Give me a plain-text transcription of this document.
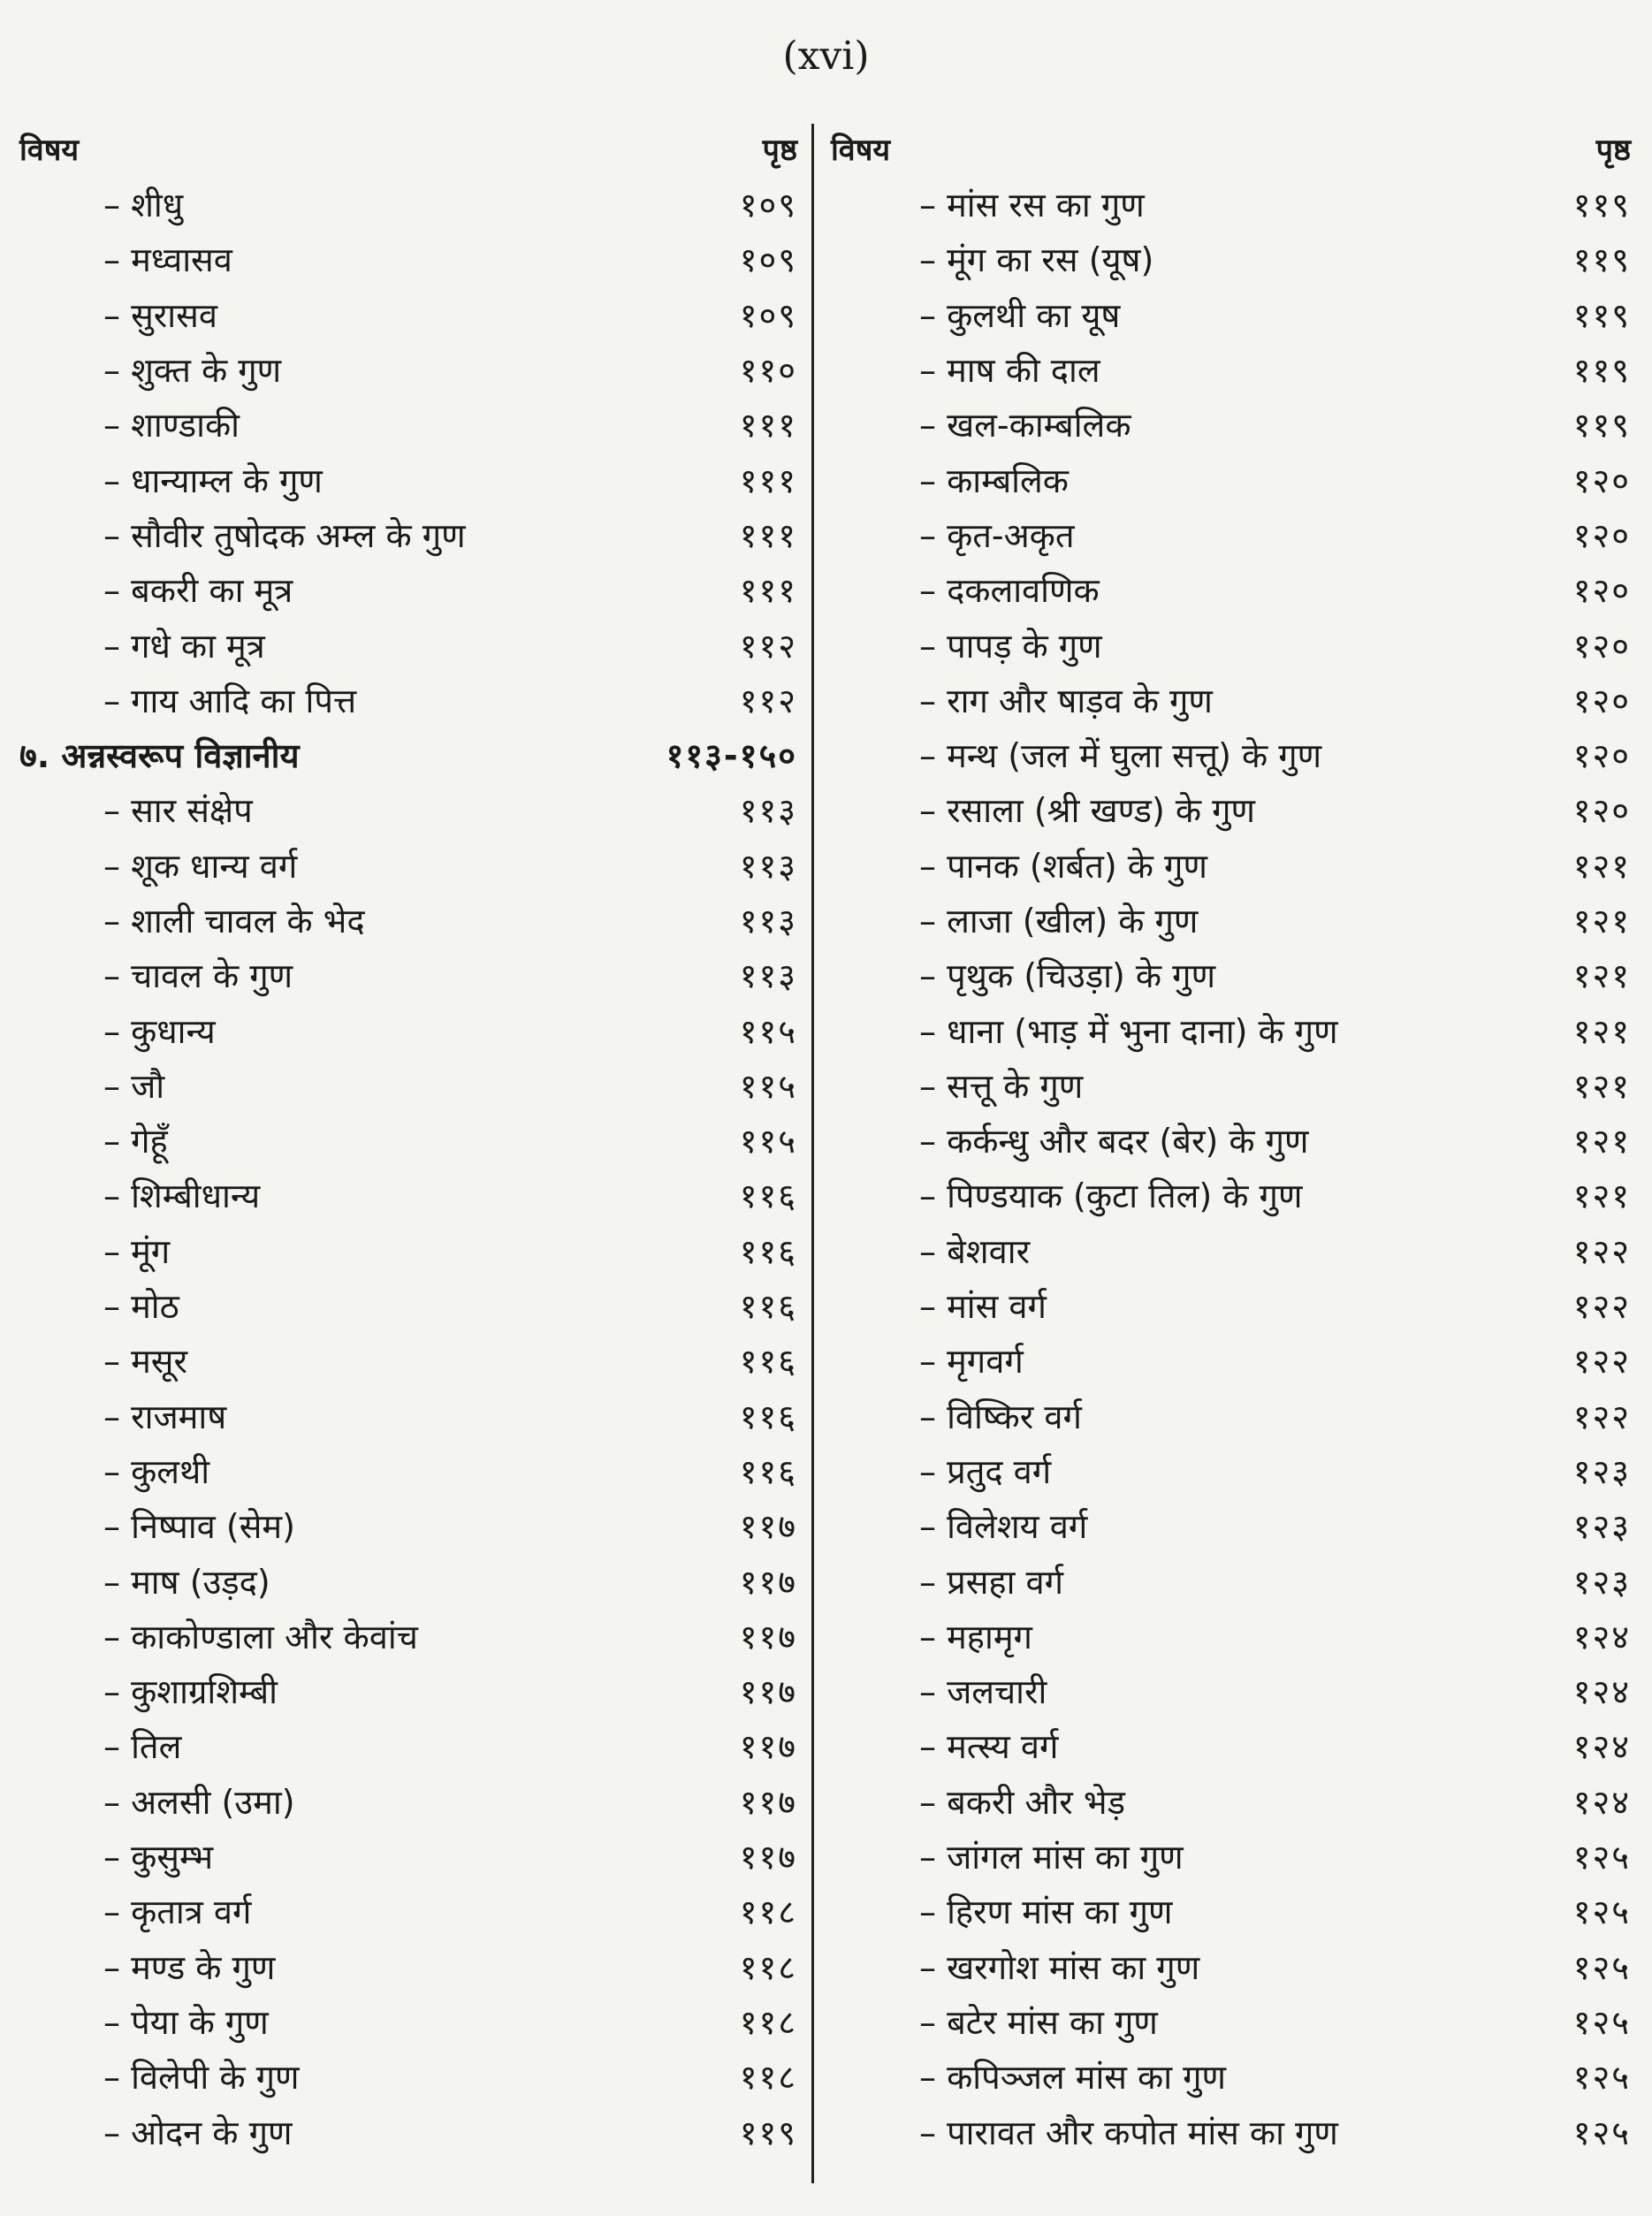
(xvi)
विषय	पृष्ठ
– शीधु	१०९
– मध्वासव	१०९
– सुरासव	१०९
– शुक्त के गुण	११०
– शाण्डाकी	१११
– धान्याम्ल के गुण	१११
– सौवीर तुषोदक अम्ल के गुण	१११
– बकरी का मूत्र	१११
– गधे का मूत्र	११२
– गाय आदि का पित्त	११२
७. अन्नस्वरूप विज्ञानीय	११३-१५०
– सार संक्षेप	११३
– शूक धान्य वर्ग	११३
– शाली चावल के भेद	११३
– चावल के गुण	११३
– कुधान्य	११५
– जौ	११५
– गेहूँ	११५
– शिम्बीधान्य	११६
– मूंग	११६
– मोठ	११६
– मसूर	११६
– राजमाष	११६
– कुलथी	११६
– निष्पाव (सेम)	११७
– माष (उड़द)	११७
– काकोण्डाला और केवांच	११७
– कुशाग्रशिम्बी	११७
– तिल	११७
– अलसी (उमा)	११७
– कुसुम्भ	११७
– कृतात्र वर्ग	११८
– मण्ड के गुण	११८
– पेया के गुण	११८
– विलेपी के गुण	११८
– ओदन के गुण	११९
विषय	पृष्ठ
– मांस रस का गुण	११९
– मूंग का रस (यूष)	११९
– कुलथी का यूष	११९
– माष की दाल	११९
– खल-काम्बलिक	११९
– काम्बलिक	१२०
– कृत-अकृत	१२०
– दकलावणिक	१२०
– पापड़ के गुण	१२०
– राग और षाड़व के गुण	१२०
– मन्थ (जल में घुला सत्तू) के गुण	१२०
– रसाला (श्री खण्ड) के गुण	१२०
– पानक (शर्बत) के गुण	१२१
– लाजा (खील) के गुण	१२१
– पृथुक (चिउड़ा) के गुण	१२१
– धाना (भाड़ में भुना दाना) के गुण	१२१
– सत्तू के गुण	१२१
– कर्कन्धु और बदर (बेर) के गुण	१२१
– पिण्डयाक (कुटा तिल) के गुण	१२१
– बेशवार	१२२
– मांस वर्ग	१२२
– मृगवर्ग	१२२
– विष्किर वर्ग	१२२
– प्रतुद वर्ग	१२३
– विलेशय वर्ग	१२३
– प्रसहा वर्ग	१२३
– महामृग	१२४
– जलचारी	१२४
– मत्स्य वर्ग	१२४
– बकरी और भेड़	१२४
– जांगल मांस का गुण	१२५
– हिरण मांस का गुण	१२५
– खरगोश मांस का गुण	१२५
– बटेर मांस का गुण	१२५
– कपिञ्जल मांस का गुण	१२५
– पारावत और कपोत मांस का गुण	१२५
